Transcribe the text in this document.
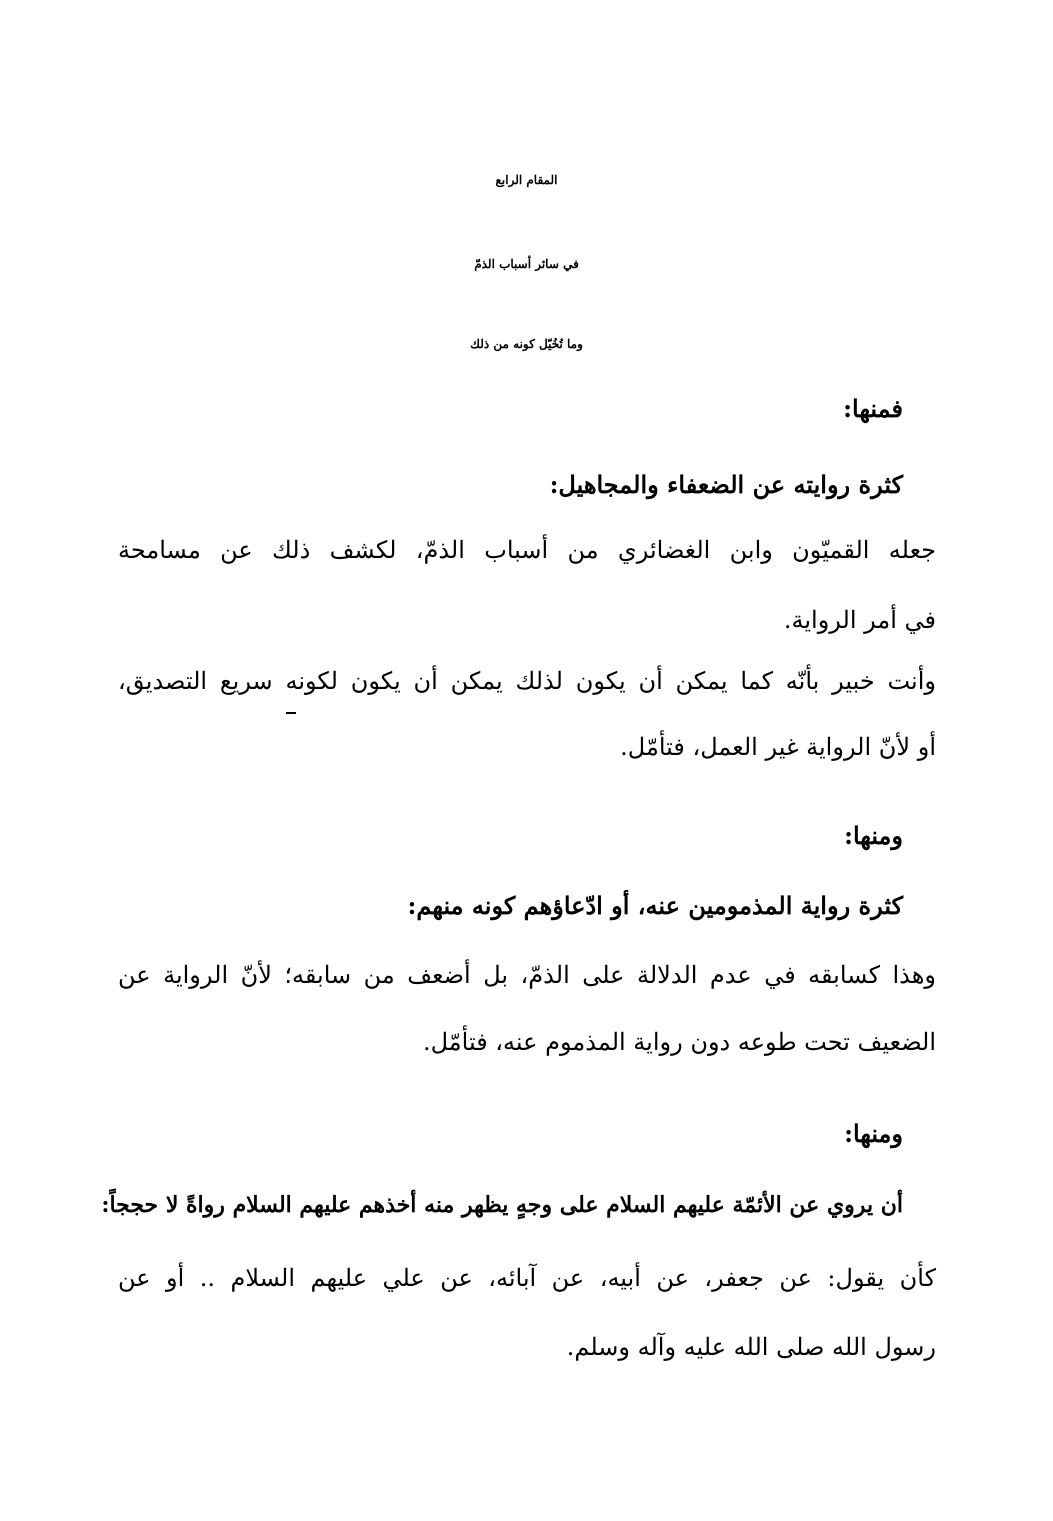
المقام الرابع
في سائر أسباب الذمّ
وما تُخُيّل كونه من ذلك
فمنها:
كثرة روايته عن الضعفاء والمجاهيل:
جعله القميّون وابن الغضائري من أسباب الذمّ، لكشف ذلك عن مسامحة
في أمر الرواية.
وأنت خبير بأنّه كما يمكن أن يكون لذلك يمكن أن يكون لكونه سريع التصديق،
أو لأنّ الرواية غير العمل، فتأمّل.
ومنها:
كثرة رواية المذمومين عنه، أو ادّعاؤهم كونه منهم:
وهذا كسابقه في عدم الدلالة على الذمّ، بل أضعف من سابقه؛ لأنّ الرواية عن
الضعيف تحت طوعه دون رواية المذموم عنه، فتأمّل.
ومنها:
أن يروي عن الأئمّة عليهم السلام على وجهٍ يظهر منه أخذهم عليهم السلام رواةً لا حججاً:
كأن يقول: عن جعفر، عن أبيه، عن آبائه، عن علي عليهم السلام .. أو عن
رسول الله صلى الله عليه وآله وسلم.
